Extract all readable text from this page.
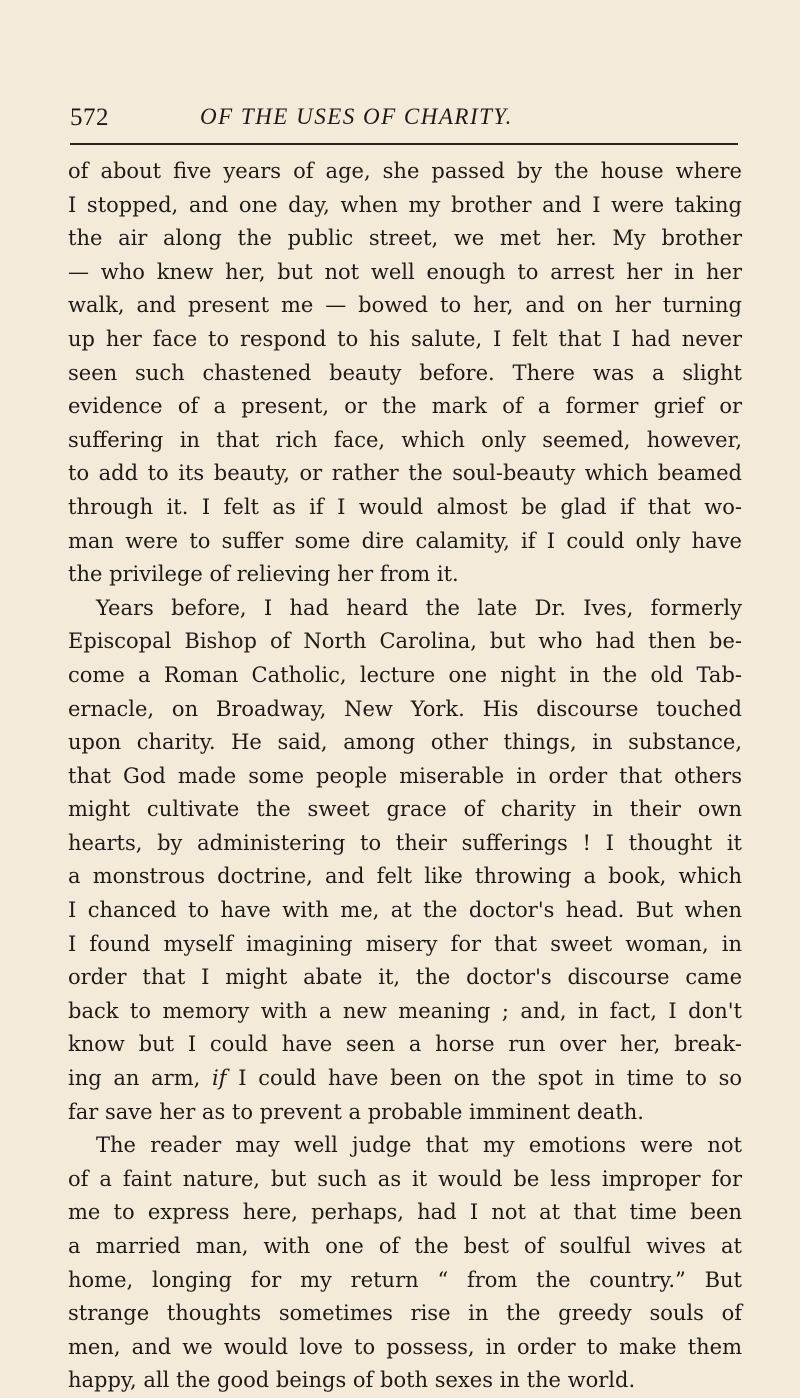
572	OF THE USES OF CHARITY.
of about five years of age, she passed by the house where
I stopped, and one day, when my brother and I were taking
the air along the public street, we met her. My brother
— who knew her, but not well enough to arrest her in her
walk, and present me — bowed to her, and on her turning
up her face to respond to his salute, I felt that I had never
seen such chastened beauty before. There was a slight
evidence of a present, or the mark of a former grief or
suffering in that rich face, which only seemed, however,
to add to its beauty, or rather the soul-beauty which beamed
through it. I felt as if I would almost be glad if that wo-
man were to suffer some dire calamity, if I could only have
the privilege of relieving her from it.
Years before, I had heard the late Dr. Ives, formerly
Episcopal Bishop of North Carolina, but who had then be-
come a Roman Catholic, lecture one night in the old Tab-
ernacle, on Broadway, New York. His discourse touched
upon charity. He said, among other things, in substance,
that God made some people miserable in order that others
might cultivate the sweet grace of charity in their own
hearts, by administering to their sufferings ! I thought it
a monstrous doctrine, and felt like throwing a book, which
I chanced to have with me, at the doctor's head. But when
I found myself imagining misery for that sweet woman, in
order that I might abate it, the doctor's discourse came
back to memory with a new meaning ; and, in fact, I don't
know but I could have seen a horse run over her, break-
ing an arm, if I could have been on the spot in time to so
far save her as to prevent a probable imminent death.
The reader may well judge that my emotions were not
of a faint nature, but such as it would be less improper for
me to express here, perhaps, had I not at that time been
a married man, with one of the best of soulful wives at
home, longing for my return “ from the country.” But
strange thoughts sometimes rise in the greedy souls of
men, and we would love to possess, in order to make them
happy, all the good beings of both sexes in the world.
